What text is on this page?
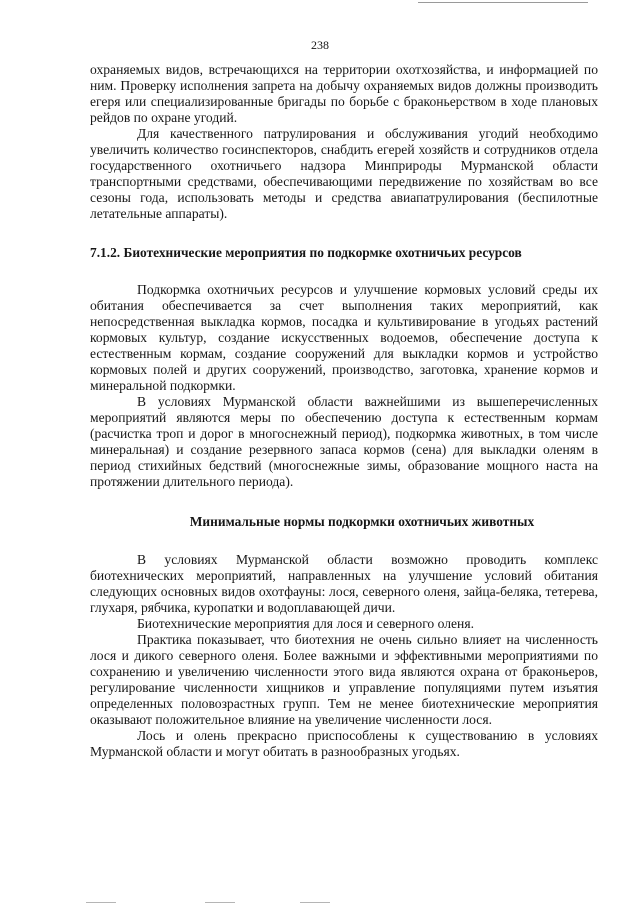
238

охраняемых видов, встречающихся на территории охотхозяйства, и информацией по ним. Проверку исполнения запрета на добычу охраняемых видов должны производить егеря или специализированные бригады по борьбе с браконьерством в ходе плановых рейдов по охране угодий.

Для качественного патрулирования и обслуживания угодий необходимо увеличить количество госинспекторов, снабдить егерей хозяйств и сотрудников отдела государственного охотничьего надзора Минприроды Мурманской области транспортными средствами, обеспечивающими передвижение по хозяйствам во все сезоны года, использовать методы и средства авиапатрулирования (беспилотные летательные аппараты).

7.1.2. Биотехнические мероприятия по подкормке охотничьих ресурсов

Подкормка охотничьих ресурсов и улучшение кормовых условий среды их обитания обеспечивается за счет выполнения таких мероприятий, как непосредственная выкладка кормов, посадка и культивирование в угодьях растений кормовых культур, создание искусственных водоемов, обеспечение доступа к естественным кормам, создание сооружений для выкладки кормов и устройство кормовых полей и других сооружений, производство, заготовка, хранение кормов и минеральной подкормки.

В условиях Мурманской области важнейшими из вышеперечисленных мероприятий являются меры по обеспечению доступа к естественным кормам (расчистка троп и дорог в многоснежный период), подкормка животных, в том числе минеральная) и создание резервного запаса кормов (сена) для выкладки оленям в период стихийных бедствий (многоснежные зимы, образование мощного наста на протяжении длительного периода).

Минимальные нормы подкормки охотничьих животных

В условиях Мурманской области возможно проводить комплекс биотехнических мероприятий, направленных на улучшение условий обитания следующих основных видов охотфауны: лося, северного оленя, зайца-беляка, тетерева, глухаря, рябчика, куропатки и водоплавающей дичи.

Биотехнические мероприятия для лося и северного оленя.

Практика показывает, что биотехния не очень сильно влияет на численность лося и дикого северного оленя. Более важными и эффективными мероприятиями по сохранению и увеличению численности этого вида являются охрана от браконьеров, регулирование численности хищников и управление популяциями путем изъятия определенных половозрастных групп. Тем не менее биотехнические мероприятия оказывают положительное влияние на увеличение численности лося.

Лось и олень прекрасно приспособлены к существованию в условиях Мурманской области и могут обитать в разнообразных угодьях.
